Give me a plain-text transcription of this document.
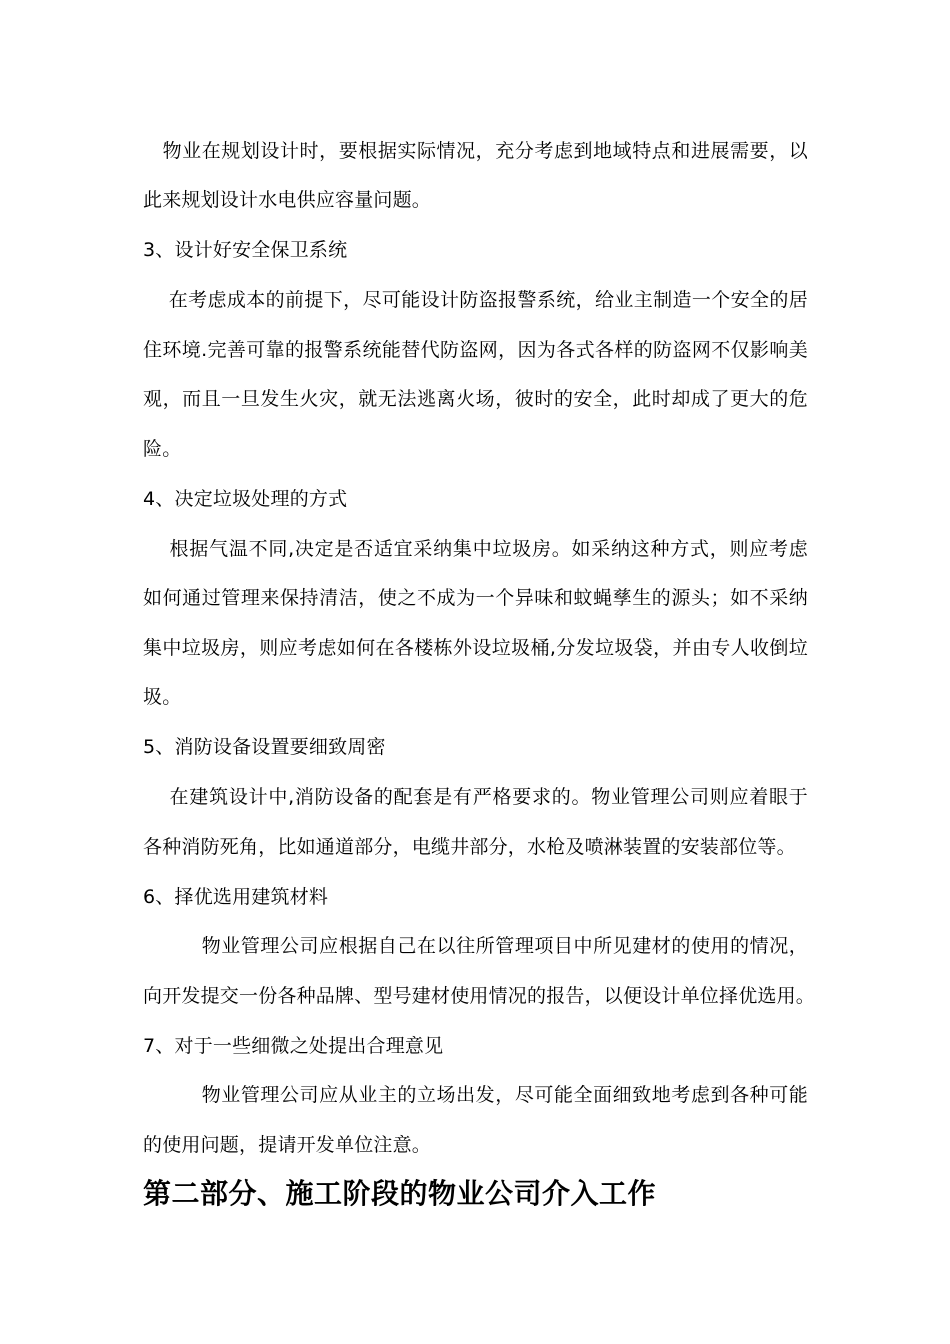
　物业在规划设计时，要根据实际情况，充分考虑到地域特点和进展需要，以
此来规划设计水电供应容量问题。
3、设计好安全保卫系统
　 在考虑成本的前提下，尽可能设计防盗报警系统，给业主制造一个安全的居
住环境.完善可靠的报警系统能替代防盗网，因为各式各样的防盗网不仅影响美
观，而且一旦发生火灾，就无法逃离火场，彼时的安全，此时却成了更大的危
险。
4、决定垃圾处理的方式
　 根据气温不同,决定是否适宜采纳集中垃圾房。如采纳这种方式，则应考虑
如何通过管理来保持清洁，使之不成为一个异味和蚊蝇孳生的源头；如不采纳
集中垃圾房，则应考虑如何在各楼栋外设垃圾桶,分发垃圾袋，并由专人收倒垃
圾。
5、消防设备设置要细致周密
　 在建筑设计中,消防设备的配套是有严格要求的。物业管理公司则应着眼于
各种消防死角，比如通道部分，电缆井部分，水枪及喷淋装置的安装部位等。
6、择优选用建筑材料
　　　物业管理公司应根据自己在以往所管理项目中所见建材的使用的情况，
向开发提交一份各种品牌、型号建材使用情况的报告，以便设计单位择优选用。
7、对于一些细微之处提出合理意见
　　　物业管理公司应从业主的立场出发，尽可能全面细致地考虑到各种可能
的使用问题，提请开发单位注意。
第二部分、施工阶段的物业公司介入工作
